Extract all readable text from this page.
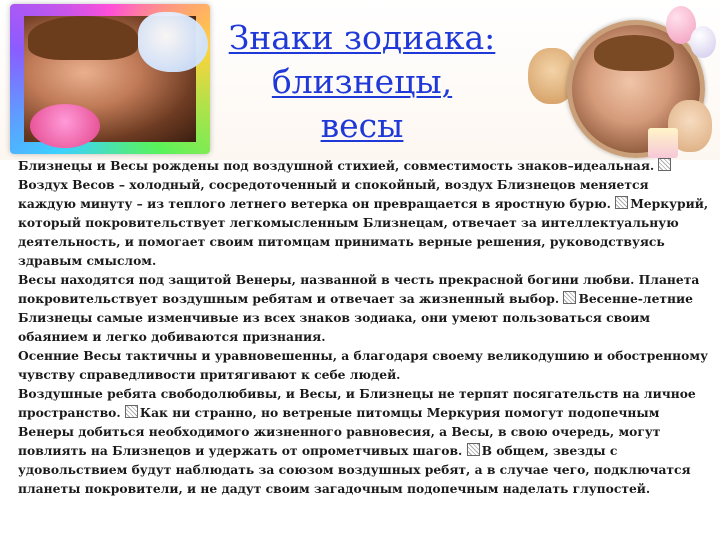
Знаки зодиака:
близнецы,
весы

Близнецы и Весы рождены под воздушной стихией, совместимость знаков–идеальная. Воздух Весов – холодный, сосредоточенный и спокойный, воздух Близнецов меняется каждую минуту – из теплого летнего ветерка он превращается в яростную бурю. Меркурий, который покровительствует легкомысленным Близнецам, отвечает за интеллектуальную деятельность, и помогает своим питомцам принимать верные решения, руководствуясь здравым смыслом.

Весы находятся под защитой Венеры, названной в честь прекрасной богини любви. Планета покровительствует воздушным ребятам и отвечает за жизненный выбор. Весенне-летние Близнецы самые изменчивые из всех знаков зодиака, они умеют пользоваться своим обаянием и легко добиваются признания.

Осенние Весы тактичны и уравновешенны, а благодаря своему великодушию и обостренному чувству справедливости притягивают к себе людей.

Воздушные ребята свободолюбивы, и Весы, и Близнецы не терпят посягательств на личное пространство. Как ни странно, но ветреные питомцы Меркурия помогут подопечным Венеры добиться необходимого жизненного равновесия, а Весы, в свою очередь, могут повлиять на Близнецов и удержать от опрометчивых шагов. В общем, звезды с удовольствием будут наблюдать за союзом воздушных ребят, а в случае чего, подключатся планеты покровители, и не дадут своим загадочным подопечным наделать глупостей.
